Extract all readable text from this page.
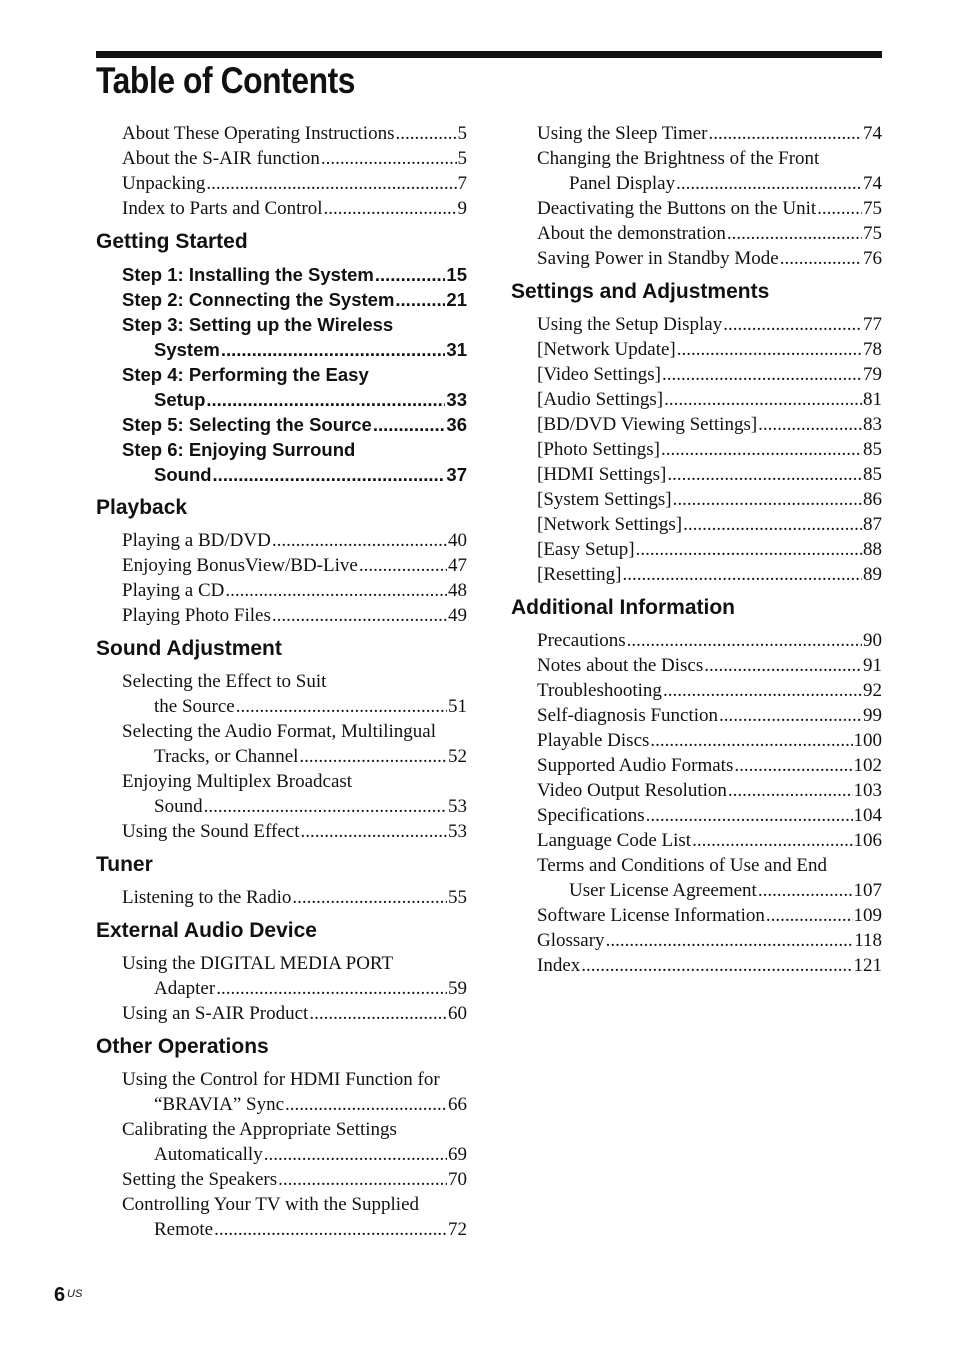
Table of Contents
About These Operating Instructions .....	5
About the S-AIR function .....	5
Unpacking .....	7
Index to Parts and Control .....	9
Getting Started
Step 1: Installing the System .....	15
Step 2: Connecting the System .....	21
Step 3: Setting up the Wireless
System .....	31
Step 4: Performing the Easy
Setup .....	33
Step 5: Selecting the Source .....	36
Step 6: Enjoying Surround
Sound .....	37
Playback
Playing a BD/DVD .....	40
Enjoying BonusView/BD-Live .....	47
Playing a CD .....	48
Playing Photo Files .....	49
Sound Adjustment
Selecting the Effect to Suit
the Source .....	51
Selecting the Audio Format, Multilingual
Tracks, or Channel .....	52
Enjoying Multiplex Broadcast
Sound .....	53
Using the Sound Effect .....	53
Tuner
Listening to the Radio .....	55
External Audio Device
Using the DIGITAL MEDIA PORT
Adapter .....	59
Using an S-AIR Product .....	60
Other Operations
Using the Control for HDMI Function for
“BRAVIA” Sync .....	66
Calibrating the Appropriate Settings
Automatically .....	69
Setting the Speakers .....	70
Controlling Your TV with the Supplied
Remote .....	72
Using the Sleep Timer .....	74
Changing the Brightness of the Front
Panel Display .....	74
Deactivating the Buttons on the Unit ..... 75
About the demonstration .....	75
Saving Power in Standby Mode .....	76
Settings and Adjustments
Using the Setup Display .....	77
[Network Update] .....	78
[Video Settings] .....	79
[Audio Settings] .....	81
[BD/DVD Viewing Settings] .....	83
[Photo Settings] .....	85
[HDMI Settings] .....	85
[System Settings] .....	86
[Network Settings] .....	87
[Easy Setup] .....	88
[Resetting] .....	89
Additional Information
Precautions .....	90
Notes about the Discs .....	91
Troubleshooting .....	92
Self-diagnosis Function .....	99
Playable Discs .....	100
Supported Audio Formats .....	102
Video Output Resolution .....	103
Specifications .....	104
Language Code List .....	106
Terms and Conditions of Use and End
User License Agreement .....	107
Software License Information .....	109
Glossary .....	118
Index .....	121
6 US
